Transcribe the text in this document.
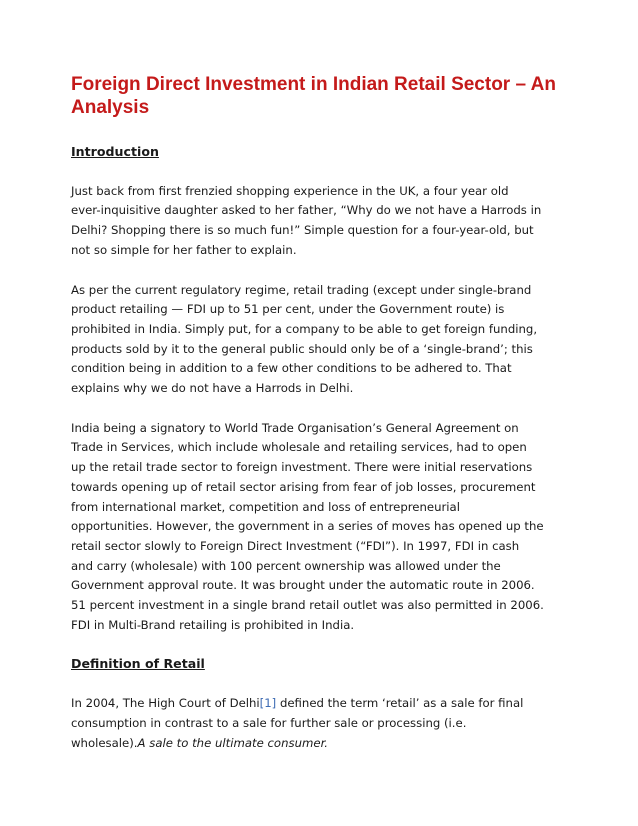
Foreign Direct Investment in Indian Retail Sector – An
Analysis
Introduction
Just back from first frenzied shopping experience in the UK, a four year old
ever-inquisitive daughter asked to her father, “Why do we not have a Harrods in
Delhi? Shopping there is so much fun!” Simple question for a four-year-old, but
not so simple for her father to explain.
As per the current regulatory regime, retail trading (except under single-brand
product retailing — FDI up to 51 per cent, under the Government route) is
prohibited in India. Simply put, for a company to be able to get foreign funding,
products sold by it to the general public should only be of a ‘single-brand’; this
condition being in addition to a few other conditions to be adhered to. That
explains why we do not have a Harrods in Delhi.
India being a signatory to World Trade Organisation’s General Agreement on
Trade in Services, which include wholesale and retailing services, had to open
up the retail trade sector to foreign investment. There were initial reservations
towards opening up of retail sector arising from fear of job losses, procurement
from international market, competition and loss of entrepreneurial
opportunities. However, the government in a series of moves has opened up the
retail sector slowly to Foreign Direct Investment (“FDI”). In 1997, FDI in cash
and carry (wholesale) with 100 percent ownership was allowed under the
Government approval route. It was brought under the automatic route in 2006.
51 percent investment in a single brand retail outlet was also permitted in 2006.
FDI in Multi-Brand retailing is prohibited in India.
Definition of Retail
In 2004, The High Court of Delhi[1] defined the term ‘retail’ as a sale for final
consumption in contrast to a sale for further sale or processing (i.e.
wholesale).A sale to the ultimate consumer.
